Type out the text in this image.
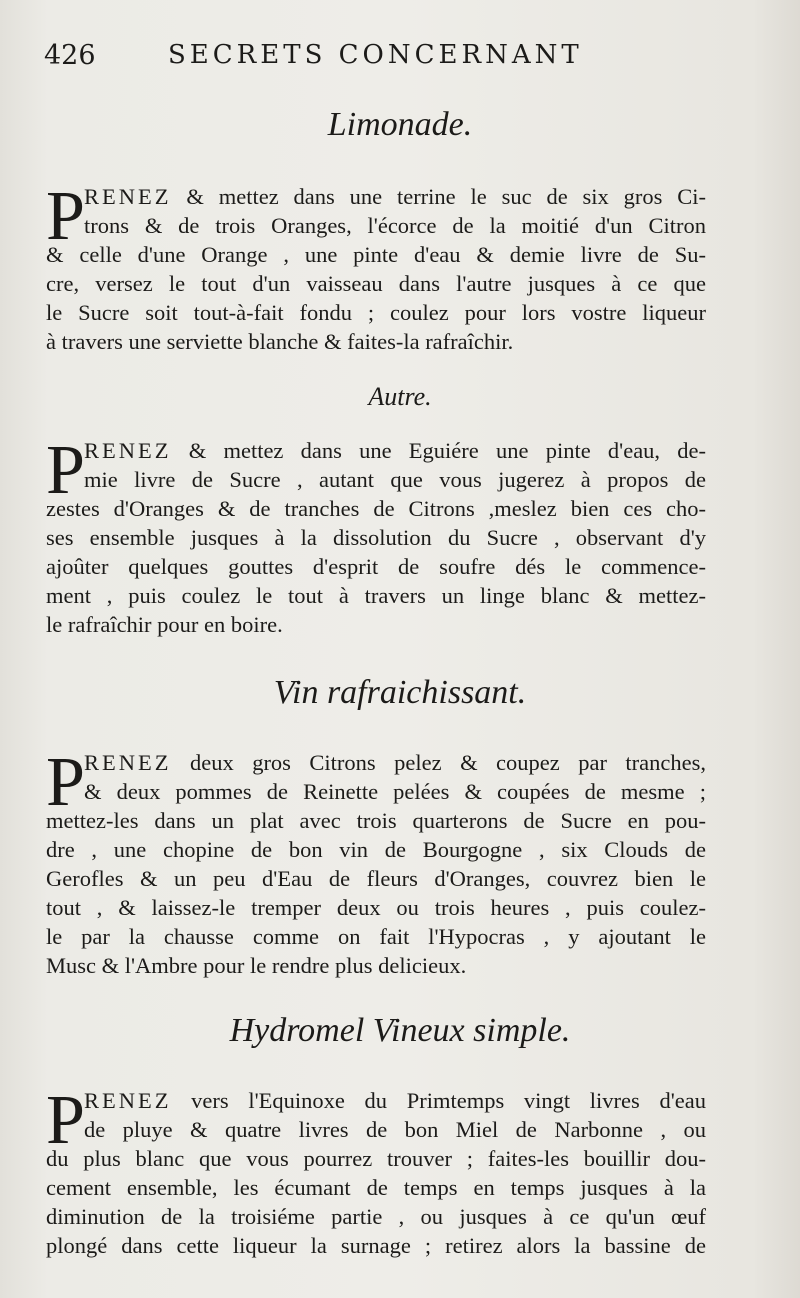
426	SECRETS CONCERNANT
Limonade.
P RENEZ & mettez dans une terrine le suc de six gros Ci-
trons & de trois Oranges, l'écorce de la moitié d'un Citron
& celle d'une Orange , une pinte d'eau & demie livre de Su-
cre, versez le tout d'un vaisseau dans l'autre jusques à ce que
le Sucre soit tout-à-fait fondu ; coulez pour lors vostre liqueur
à travers une serviette blanche & faites-la rafraîchir.
Autre.
P RENEZ & mettez dans une Eguiére une pinte d'eau, de-
mie livre de Sucre , autant que vous jugerez à propos de
zestes d'Oranges & de tranches de Citrons ,meslez bien ces cho-
ses ensemble jusques à la dissolution du Sucre , observant d'y
ajoûter quelques gouttes d'esprit de soufre dés le commence-
ment , puis coulez le tout à travers un linge blanc & mettez-
le rafraîchir pour en boire.
Vin rafraichissant.
P RENEZ deux gros Citrons pelez & coupez par tranches,
& deux pommes de Reinette pelées & coupées de mesme ;
mettez-les dans un plat avec trois quarterons de Sucre en pou-
dre , une chopine de bon vin de Bourgogne , six Clouds de
Gerofles & un peu d'Eau de fleurs d'Oranges, couvrez bien le
tout , & laissez-le tremper deux ou trois heures , puis coulez-
le par la chausse comme on fait l'Hypocras , y ajoutant le
Musc & l'Ambre pour le rendre plus delicieux.
Hydromel Vineux simple.
P RENEZ vers l'Equinoxe du Primtemps vingt livres d'eau
de pluye & quatre livres de bon Miel de Narbonne , ou
du plus blanc que vous pourrez trouver ; faites-les bouillir dou-
cement ensemble, les écumant de temps en temps jusques à la
diminution de la troisiéme partie , ou jusques à ce qu'un œuf
plongé dans cette liqueur la surnage ; retirez alors la bassine de
